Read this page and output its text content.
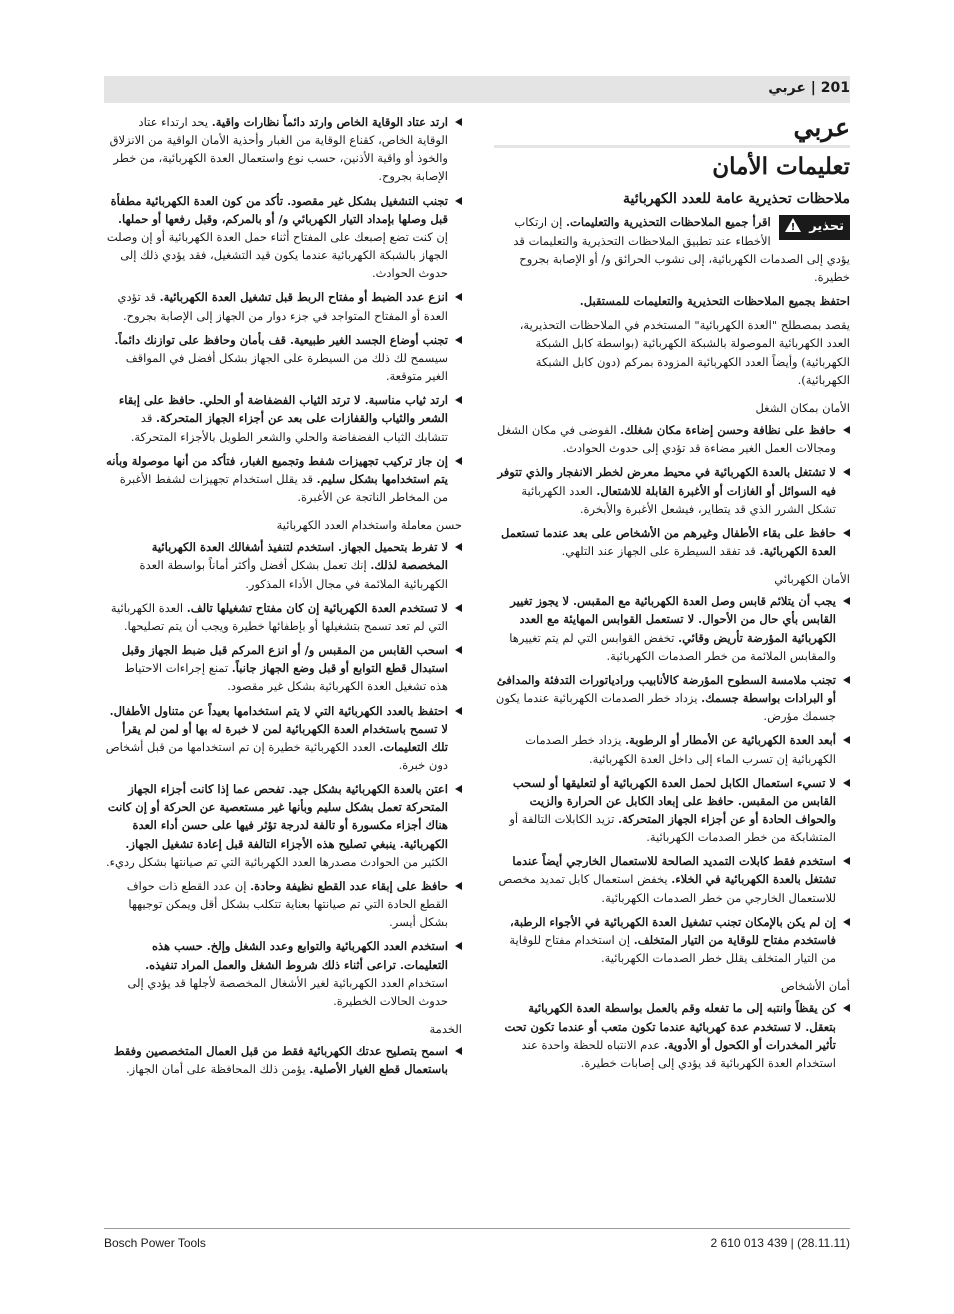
201 | عربي
عربي
تعليمات الأمان
ملاحظات تحذيرية عامة للعدد الكهربائية
تحذير !
اقرأ جميع الملاحظات التحذيرية والتعليمات. إن ارتكاب الأخطاء عند تطبيق الملاحظات التحذيرية والتعليمات قد يؤدي إلى الصدمات الكهربائية، إلى نشوب الحرائق و/ أو الإصابة بجروح خطيرة.
احتفظ بجميع الملاحظات التحذيرية والتعليمات للمستقبل.
يقصد بمصطلح "العدة الكهربائية" المستخدم في الملاحظات التحذيرية، العدد الكهربائية الموصولة بالشبكة الكهربائية (بواسطة كابل الشبكة الكهربائية) وأيضاً العدد الكهربائية المزودة بمركم (دون كابل الشبكة الكهربائية).
الأمان بمكان الشغل
حافظ على نظافة وحسن إضاءة مكان شغلك. الفوضى في مكان الشغل ومجالات العمل الغير مضاءة قد تؤدي إلى حدوث الحوادث.
لا تشتغل بالعدة الكهربائية في محيط معرض لخطر الانفجار والذي تتوفر فيه السوائل أو الغازات أو الأغبرة القابلة للاشتعال. العدد الكهربائية تشكل الشرر الذي قد يتطاير، فيشعل الأغبرة والأبخرة.
حافظ على بقاء الأطفال وغيرهم من الأشخاص على بعد عندما تستعمل العدة الكهربائية. قد تفقد السيطرة على الجهاز عند التلهي.
الأمان الكهربائي
يجب أن يتلائم قابس وصل العدة الكهربائية مع المقبس. لا يجوز تغيير القابس بأي حال من الأحوال. لا تستعمل القوابس المهايئة مع العدد الكهربائية المؤرضة تأريض وقائي. تخفض القوابس التي لم يتم تغييرها والمقابس الملائمة من خطر الصدمات الكهربائية.
تجنب ملامسة السطوح المؤرضة كالأنابيب ورادياتورات التدفئة والمدافئ أو البرادات بواسطة جسمك. يزداد خطر الصدمات الكهربائية عندما يكون جسمك مؤرض.
أبعد العدة الكهربائية عن الأمطار أو الرطوبة. يزداد خطر الصدمات الكهربائية إن تسرب الماء إلى داخل العدة الكهربائية.
لا تسيء استعمال الكابل لحمل العدة الكهربائية أو لتعليقها أو لسحب القابس من المقبس. حافظ على إبعاد الكابل عن الحرارة والزيت والحواف الحادة أو عن أجزاء الجهاز المتحركة. تزيد الكابلات التالفة أو المتشابكة من خطر الصدمات الكهربائية.
استخدم فقط كابلات التمديد الصالحة للاستعمال الخارجي أيضاً عندما تشتغل بالعدة الكهربائية في الخلاء. يخفض استعمال كابل تمديد مخصص للاستعمال الخارجي من خطر الصدمات الكهربائية.
إن لم يكن بالإمكان تجنب تشغيل العدة الكهربائية في الأجواء الرطبة، فاستخدم مفتاح للوقاية من التيار المتخلف. إن استخدام مفتاح للوقاية من التيار المتخلف يقلل خطر الصدمات الكهربائية.
أمان الأشخاص
كن يقظاً وانتبه إلى ما تفعله وقم بالعمل بواسطة العدة الكهربائية بتعقل. لا تستخدم عدة كهربائية عندما تكون متعب أو عندما تكون تحت تأثير المخدرات أو الكحول أو الأدوية. عدم الانتباه للحظة واحدة عند استخدام العدة الكهربائية قد يؤدي إلى إصابات خطيرة.
ارتد عتاد الوقاية الخاص وارتد دائماً نظارات واقية. يحد ارتداء عتاد الوقاية الخاص، كقناع الوقاية من الغبار وأحذية الأمان الواقية من الانزلاق والخوذ أو واقية الأذنين، حسب نوع واستعمال العدة الكهربائية، من خطر الإصابة بجروح.
تجنب التشغيل بشكل غير مقصود. تأكد من كون العدة الكهربائية مطفأة قبل وصلها بإمداد التيار الكهربائي و/ أو بالمركم، وقبل رفعها أو حملها. إن كنت تضع إصبعك على المفتاح أثناء حمل العدة الكهربائية أو إن وصلت الجهاز بالشبكة الكهربائية عندما يكون قيد التشغيل، فقد يؤدي ذلك إلى حدوث الحوادث.
انزع عدد الضبط أو مفتاح الربط قبل تشغيل العدة الكهربائية. قد تؤدي العدة أو المفتاح المتواجد في جزء دوار من الجهاز إلى الإصابة بجروح.
تجنب أوضاع الجسد الغير طبيعية. قف بأمان وحافظ على توازنك دائماً. سيسمح لك ذلك من السيطرة على الجهاز بشكل أفضل في المواقف الغير متوقعة.
ارتد ثياب مناسبة. لا ترتد الثياب الفضفاضة أو الحلي. حافظ على إبقاء الشعر والثياب والقفازات على بعد عن أجزاء الجهاز المتحركة. قد تتشابك الثياب الفضفاضة والحلي والشعر الطويل بالأجزاء المتحركة.
إن جاز تركيب تجهيزات شفط وتجميع الغبار، فتأكد من أنها موصولة وبأنه يتم استخدامها بشكل سليم. قد يقلل استخدام تجهيزات لشفط الأغبرة من المخاطر الناتجة عن الأغبرة.
حسن معاملة واستخدام العدد الكهربائية
لا تفرط بتحميل الجهاز. استخدم لتنفيذ أشغالك العدة الكهربائية المخصصة لذلك. إنك تعمل بشكل أفضل وأكثر أماناً بواسطة العدة الكهربائية الملائمة في مجال الأداء المذكور.
لا تستخدم العدة الكهربائية إن كان مفتاح تشغيلها تالف. العدة الكهربائية التي لم تعد تسمح بتشغيلها أو بإطفائها خطيرة ويجب أن يتم تصليحها.
اسحب القابس من المقبس و/ أو انزع المركم قبل ضبط الجهاز وقبل استبدال قطع التوابع أو قبل وضع الجهاز جانباً. تمنع إجراءات الاحتياط هذه تشغيل العدة الكهربائية بشكل غير مقصود.
احتفظ بالعدد الكهربائية التي لا يتم استخدامها بعيداً عن متناول الأطفال. لا تسمح باستخدام العدة الكهربائية لمن لا خبرة له بها أو لمن لم يقرأ تلك التعليمات. العدد الكهربائية خطيرة إن تم استخدامها من قبل أشخاص دون خبرة.
اعتن بالعدة الكهربائية بشكل جيد. تفحص عما إذا كانت أجزاء الجهاز المتحركة تعمل بشكل سليم وبأنها غير مستعصية عن الحركة أو إن كانت هناك أجزاء مكسورة أو تالفة لدرجة تؤثر فيها على حسن أداء العدة الكهربائية. ينبغي تصليح هذه الأجزاء التالفة قبل إعادة تشغيل الجهاز. الكثير من الحوادث مصدرها العدد الكهربائية التي تم صيانتها بشكل رديء.
حافظ على إبقاء عدد القطع نظيفة وحادة. إن عدد القطع ذات حواف القطع الحادة التي تم صيانتها بعناية تتكلب بشكل أقل ويمكن توجيهها بشكل أيسر.
استخدم العدد الكهربائية والتوابع وعدد الشغل وإلخ. حسب هذه التعليمات. تراعى أثناء ذلك شروط الشغل والعمل المراد تنفيذه. استخدام العدد الكهربائية لغير الأشغال المخصصة لأجلها قد يؤدي إلى حدوث الحالات الخطيرة.
الخدمة
اسمح بتصليح عدتك الكهربائية فقط من قبل العمال المتخصصين وفقط باستعمال قطع الغيار الأصلية. يؤمن ذلك المحافظة على أمان الجهاز.
Bosch Power Tools	2 610 013 439 | (28.11.11)
